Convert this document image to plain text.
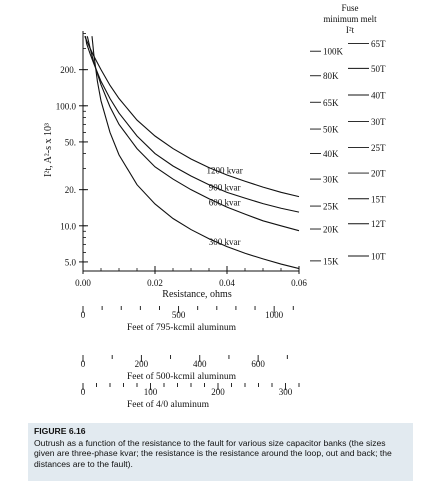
5.0
10.0
20.
50.
100.0
200.
I²t, A²-s x 10³
0.00	0.02	0.04	0.06
Resistance, ohms
1200 kvar
900 kvar
600 kvar
300 kvar
Fuse
minimum melt
I²t
100K
80K
65K
50K
40K
30K
25K
20K
15K
65T
50T
40T
30T
25T
20T
15T
12T
10T
0	500	1000
Feet of 795-kcmil aluminum
0	200	400	600
Feet of 500-kcmil aluminum
0	100	200	300
Feet of 4/0 aluminum
FIGURE 6.16
Outrush as a function of the resistance to the fault for various size capacitor banks (the sizes given are three-phase kvar; the resistance is the resistance around the loop, out and back; the distances are to the fault).
